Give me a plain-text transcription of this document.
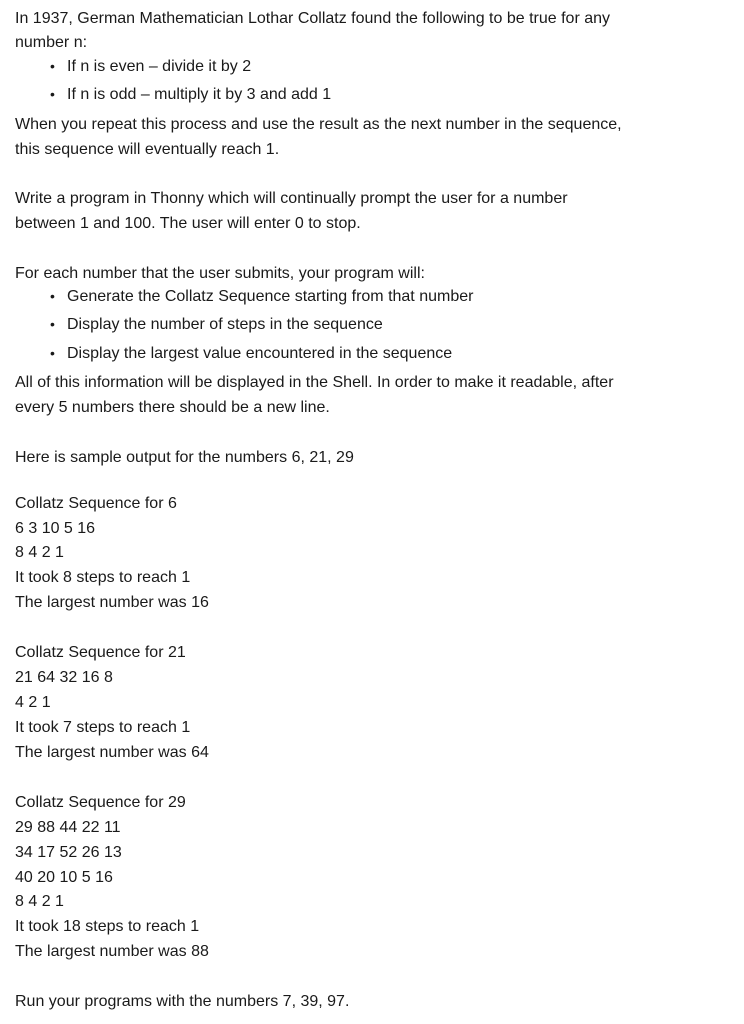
In 1937, German Mathematician Lothar Collatz found the following to be true for any
number n:
• If n is even – divide it by 2
• If n is odd – multiply it by 3 and add 1
When you repeat this process and use the result as the next number in the sequence,
this sequence will eventually reach 1.
Write a program in Thonny which will continually prompt the user for a number
between 1 and 100. The user will enter 0 to stop.
For each number that the user submits, your program will:
• Generate the Collatz Sequence starting from that number
• Display the number of steps in the sequence
• Display the largest value encountered in the sequence
All of this information will be displayed in the Shell. In order to make it readable, after
every 5 numbers there should be a new line.
Here is sample output for the numbers 6, 21, 29
Collatz Sequence for 6
6 3 10 5 16
8 4 2 1
It took 8 steps to reach 1
The largest number was 16
Collatz Sequence for 21
21 64 32 16 8
4 2 1
It took 7 steps to reach 1
The largest number was 64
Collatz Sequence for 29
29 88 44 22 11
34 17 52 26 13
40 20 10 5 16
8 4 2 1
It took 18 steps to reach 1
The largest number was 88
Run your programs with the numbers 7, 39, 97.
